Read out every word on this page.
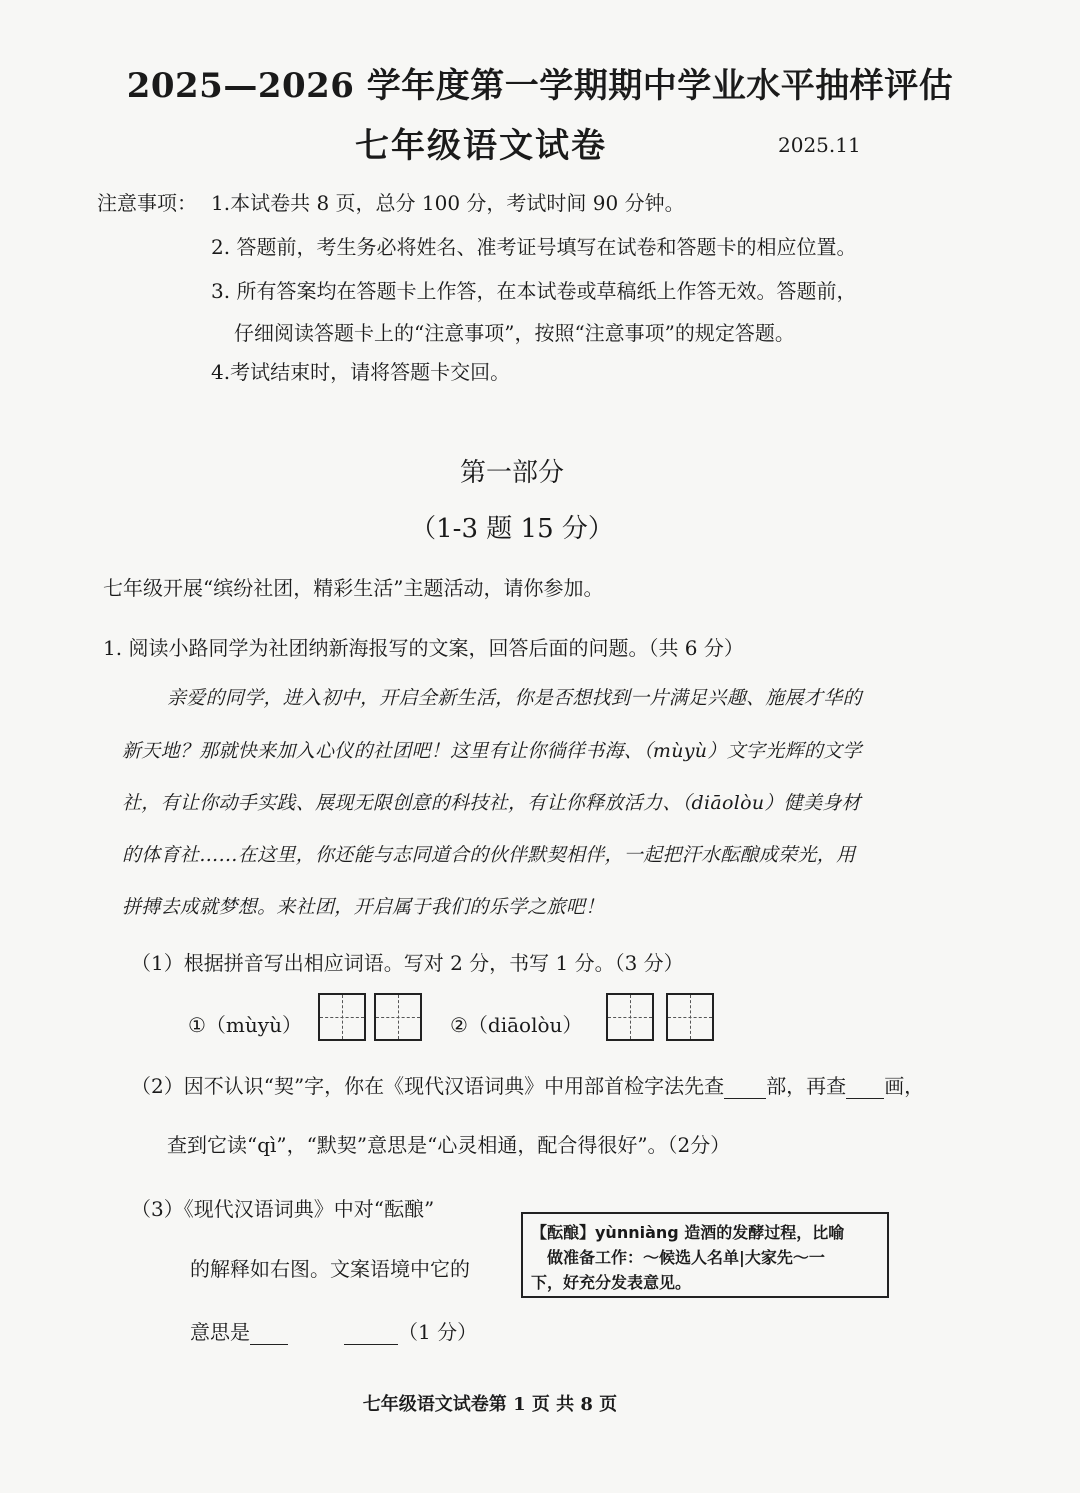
2025—2026 学年度第一学期期中学业水平抽样评估
七年级语文试卷	2025.11
注意事项： 1.本试卷共 8 页，总分 100 分，考试时间 90 分钟。
2. 答题前，考生务必将姓名、准考证号填写在试卷和答题卡的相应位置。
3. 所有答案均在答题卡上作答，在本试卷或草稿纸上作答无效。答题前，
仔细阅读答题卡上的“注意事项”，按照“注意事项”的规定答题。
4.考试结束时，请将答题卡交回。
第一部分
（1-3 题 15 分）
七年级开展“缤纷社团，精彩生活”主题活动，请你参加。
1. 阅读小路同学为社团纳新海报写的文案，回答后面的问题。（共 6 分）
亲爱的同学，进入初中，开启全新生活，你是否想找到一片满足兴趣、施展才华的
新天地？那就快来加入心仪的社团吧！这里有让你徜徉书海、（mùyù）文字光辉的文学
社，有让你动手实践、展现无限创意的科技社，有让你释放活力、（diāolòu）健美身材
的体育社……在这里，你还能与志同道合的伙伴默契相伴，一起把汗水酝酿成荣光，用
拼搏去成就梦想。来社团，开启属于我们的乐学之旅吧！
（1）根据拼音写出相应词语。写对 2 分，书写 1 分。（3 分）
①（mùyù）	②（diāolòu）
（2）因不认识“契”字，你在《现代汉语词典》中用部首检字法先查 部，再查 画，
查到它读“qì”，“默契”意思是“心灵相通，配合得很好”。（2分）
（3）《现代汉语词典》中对“酝酿”
的解释如右图。文案语境中它的
意思是	（1 分）
【酝酿】yùnniàng 造酒的发酵过程，比喻
做准备工作：～候选人名单|大家先～一
下，好充分发表意见。
七年级语文试卷第 1 页 共 8 页
